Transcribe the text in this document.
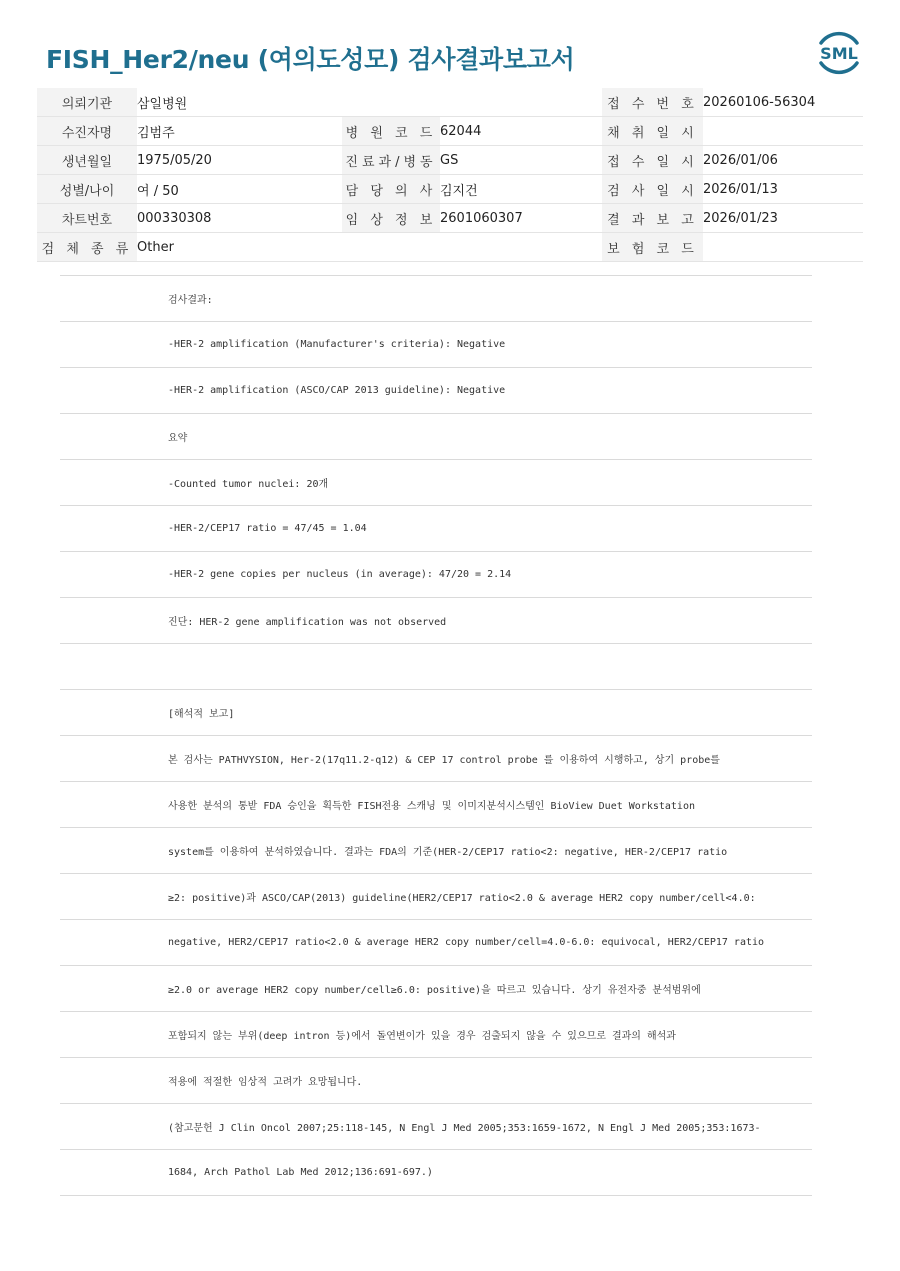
FISH_Her2/neu (여의도성모) 검사결과보고서	SML
의뢰기관	삼일병원			접 수 번 호	20260106-56304
수진자명	김범주	병 원 코 드	62044	채 취 일 시	
생년월일	1975/05/20	진료과/병동	GS	접 수 일 시	2026/01/06
성별/나이	여 / 50	담 당 의 사	김지건	검 사 일 시	2026/01/13
차트번호	000330308	임 상 정 보	2601060307	결 과 보 고	2026/01/23
검 체 종 류	Other			보 험 코 드	
검사결과:
-HER-2 amplification (Manufacturer's criteria): Negative
-HER-2 amplification (ASCO/CAP 2013 guideline): Negative
요약
-Counted tumor nuclei: 20개
-HER-2/CEP17 ratio = 47/45 = 1.04
-HER-2 gene copies per nucleus (in average): 47/20 = 2.14
진단: HER-2 gene amplification was not observed
[해석적 보고]
본 검사는 PATHVYSION, Her-2(17q11.2-q12) & CEP 17 control probe 를 이용하여 시행하고, 상기 probe를
사용한 분석의 통받 FDA 승인을 획득한 FISH전용 스캐닝 및 이미지분석시스템인 BioView Duet Workstation
system를 이용하여 분석하였습니다. 결과는 FDA의 기준(HER-2/CEP17 ratio<2: negative, HER-2/CEP17 ratio
≥2: positive)과 ASCO/CAP(2013) guideline(HER2/CEP17 ratio<2.0 & average HER2 copy number/cell<4.0:
negative, HER2/CEP17 ratio<2.0 & average HER2 copy number/cell=4.0-6.0: equivocal, HER2/CEP17 ratio
≥2.0 or average HER2 copy number/cell≥6.0: positive)을 따르고 있습니다. 상기 유전자중 분석범위에
포함되지 않는 부위(deep intron 등)에서 돌연변이가 있을 경우 검출되지 않을 수 있으므로 결과의 해석과
적용에 적절한 임상적 고려가 요망됩니다.
(참고문헌 J Clin Oncol 2007;25:118-145, N Engl J Med 2005;353:1659-1672, N Engl J Med 2005;353:1673-
1684, Arch Pathol Lab Med 2012;136:691-697.)
